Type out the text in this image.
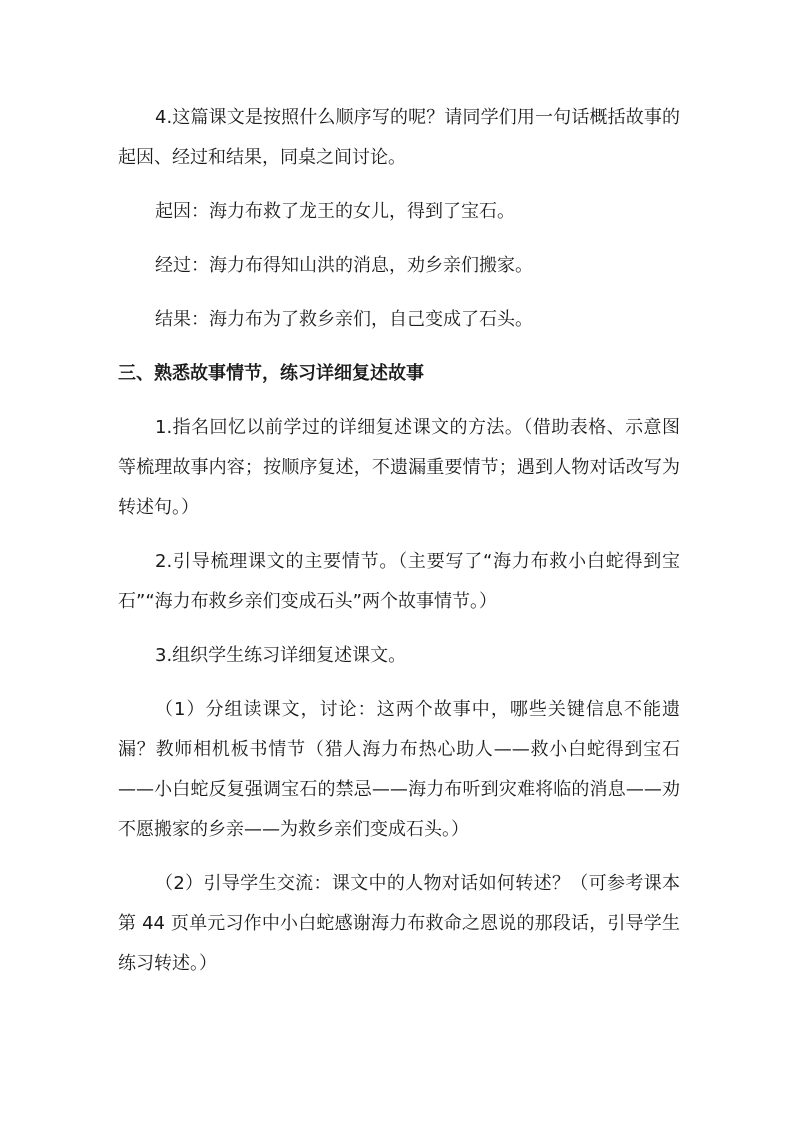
4.这篇课文是按照什么顺序写的呢？请同学们用一句话概括故事的起因、经过和结果，同桌之间讨论。

起因：海力布救了龙王的女儿，得到了宝石。

经过：海力布得知山洪的消息，劝乡亲们搬家。

结果：海力布为了救乡亲们，自己变成了石头。

三、熟悉故事情节，练习详细复述故事

1.指名回忆以前学过的详细复述课文的方法。（借助表格、示意图等梳理故事内容；按顺序复述，不遗漏重要情节；遇到人物对话改写为转述句。）

2.引导梳理课文的主要情节。（主要写了“海力布救小白蛇得到宝石”“海力布救乡亲们变成石头”两个故事情节。）

3.组织学生练习详细复述课文。

（1）分组读课文，讨论：这两个故事中，哪些关键信息不能遗漏？教师相机板书情节（猎人海力布热心助人——救小白蛇得到宝石——小白蛇反复强调宝石的禁忌——海力布听到灾难将临的消息——劝不愿搬家的乡亲——为救乡亲们变成石头。）

（2）引导学生交流：课文中的人物对话如何转述？（可参考课本第 44 页单元习作中小白蛇感谢海力布救命之恩说的那段话，引导学生练习转述。）
